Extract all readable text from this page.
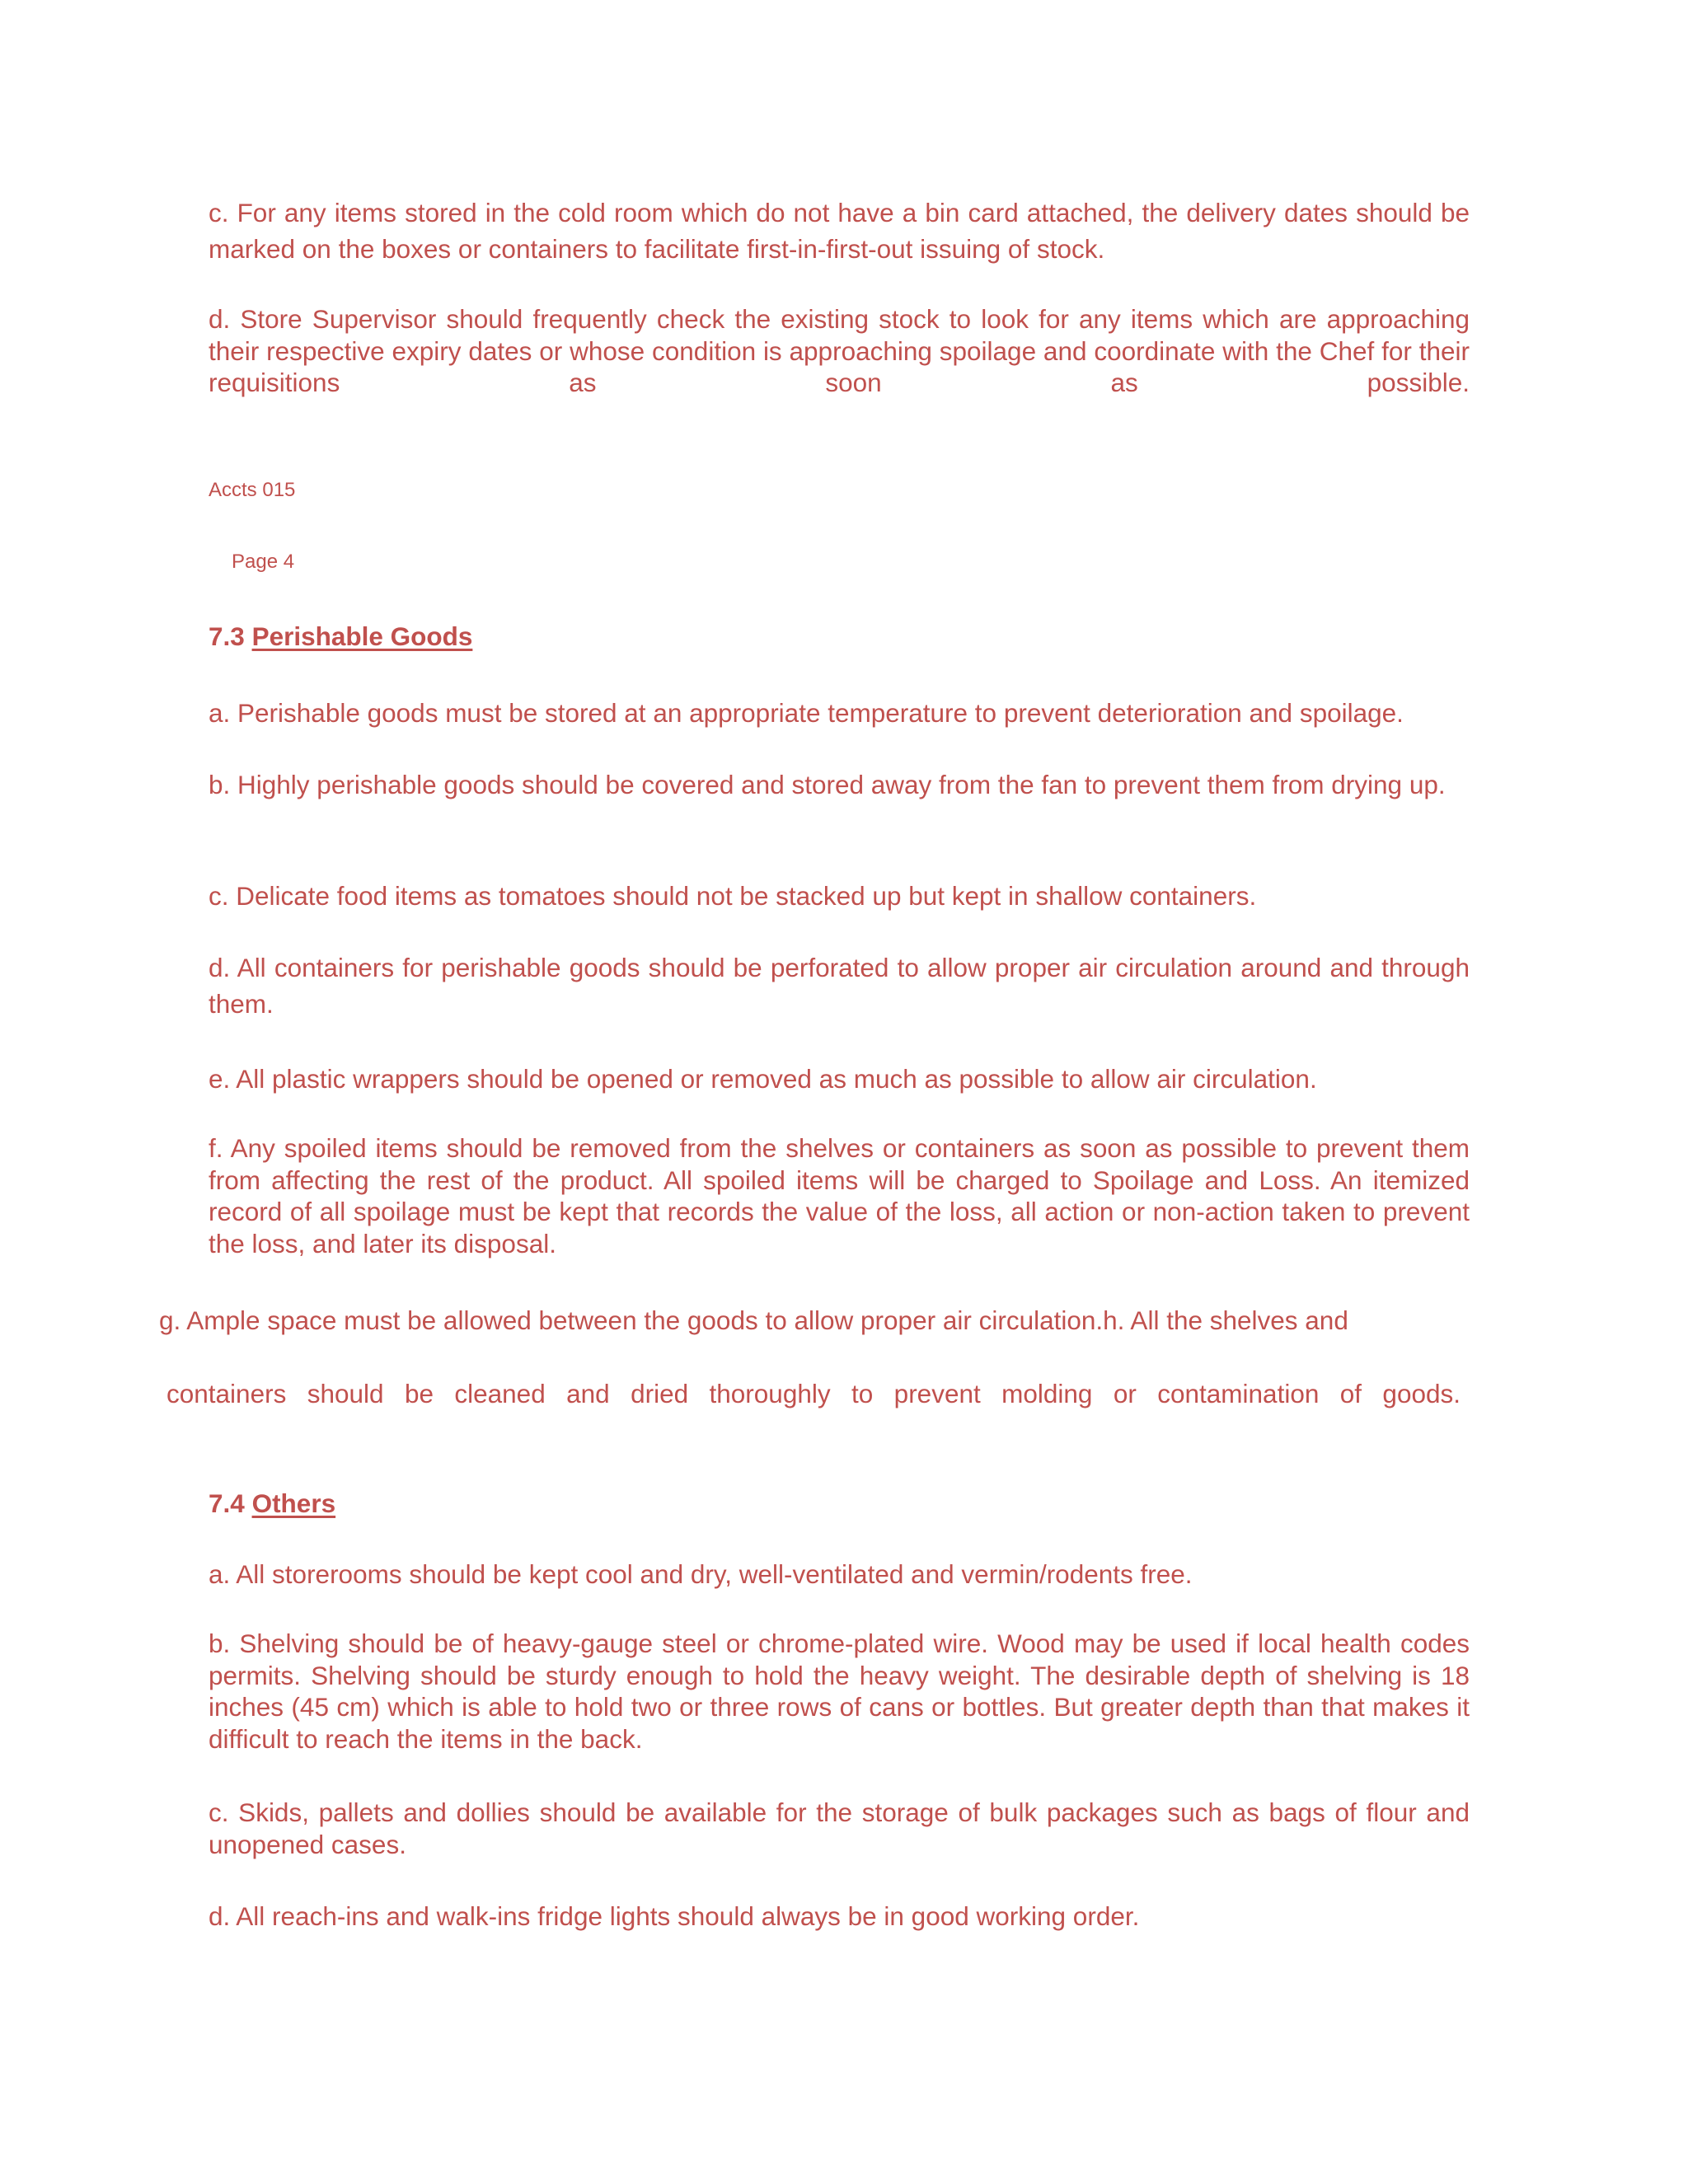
c. For any items stored in the cold room which do not have a bin card attached, the delivery dates should be marked on the boxes or containers to facilitate first-in-first-out issuing of stock.

d. Store Supervisor should frequently check the existing stock to look for any items which are approaching their respective expiry dates or whose condition is approaching spoilage and coordinate with the Chef for their requisitions as soon as possible.

Accts 015

Page 4

7.3 Perishable Goods

a. Perishable goods must be stored at an appropriate temperature to prevent deterioration and spoilage.

b. Highly perishable goods should be covered and stored away from the fan to prevent them from drying up.

c. Delicate food items as tomatoes should not be stacked up but kept in shallow containers.

d. All containers for perishable goods should be perforated to allow proper air circulation around and through them.

e. All plastic wrappers should be opened or removed as much as possible to allow air circulation.

f. Any spoiled items should be removed from the shelves or containers as soon as possible to prevent them from affecting the rest of the product. All spoiled items will be charged to Spoilage and Loss. An itemized record of all spoilage must be kept that records the value of the loss, all action or non-action taken to prevent the loss, and later its disposal.

g. Ample space must be allowed between the goods to allow proper air circulation.h. All the shelves and

containers should be cleaned and dried thoroughly to prevent molding or contamination of goods.

7.4 Others

a. All storerooms should be kept cool and dry, well-ventilated and vermin/rodents free.

b. Shelving should be of heavy-gauge steel or chrome-plated wire. Wood may be used if local health codes permits. Shelving should be sturdy enough to hold the heavy weight. The desirable depth of shelving is 18 inches (45 cm) which is able to hold two or three rows of cans or bottles. But greater depth than that makes it difficult to reach the items in the back.

c. Skids, pallets and dollies should be available for the storage of bulk packages such as bags of flour and unopened cases.

d. All reach-ins and walk-ins fridge lights should always be in good working order.
